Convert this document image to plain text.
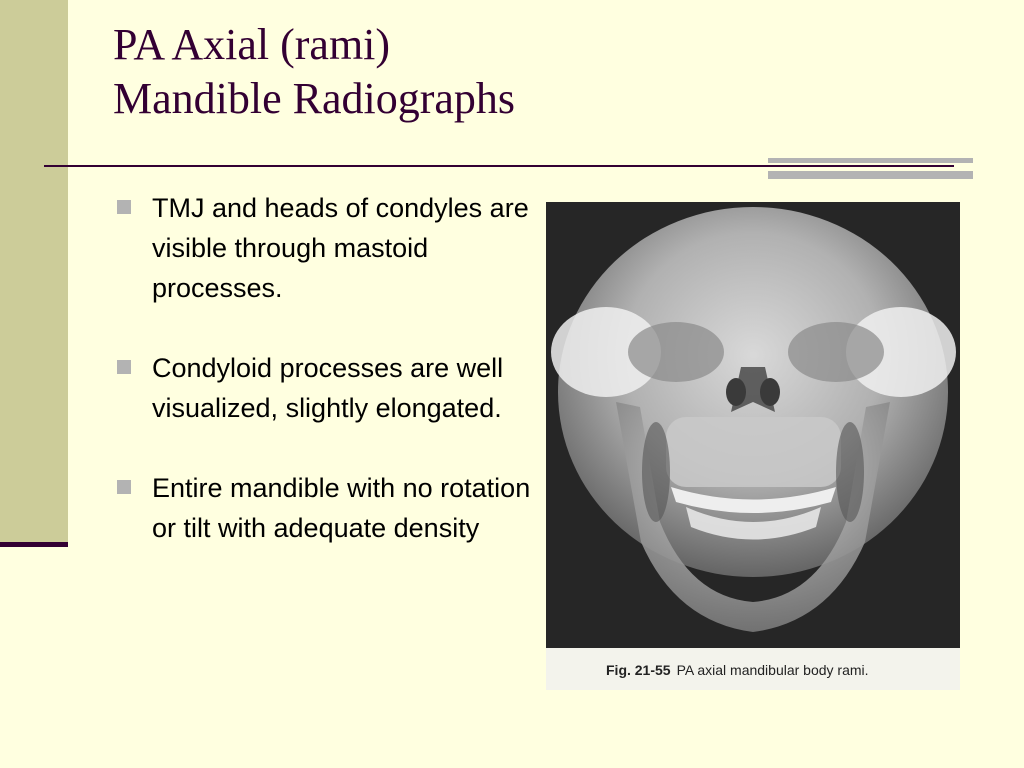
PA Axial (rami)
Mandible Radiographs
TMJ and heads of condyles are visible through mastoid processes.
Condyloid processes are well visualized, slightly elongated.
Entire mandible with no rotation or tilt with adequate density
Fig. 21-55 PA axial mandibular body rami.
